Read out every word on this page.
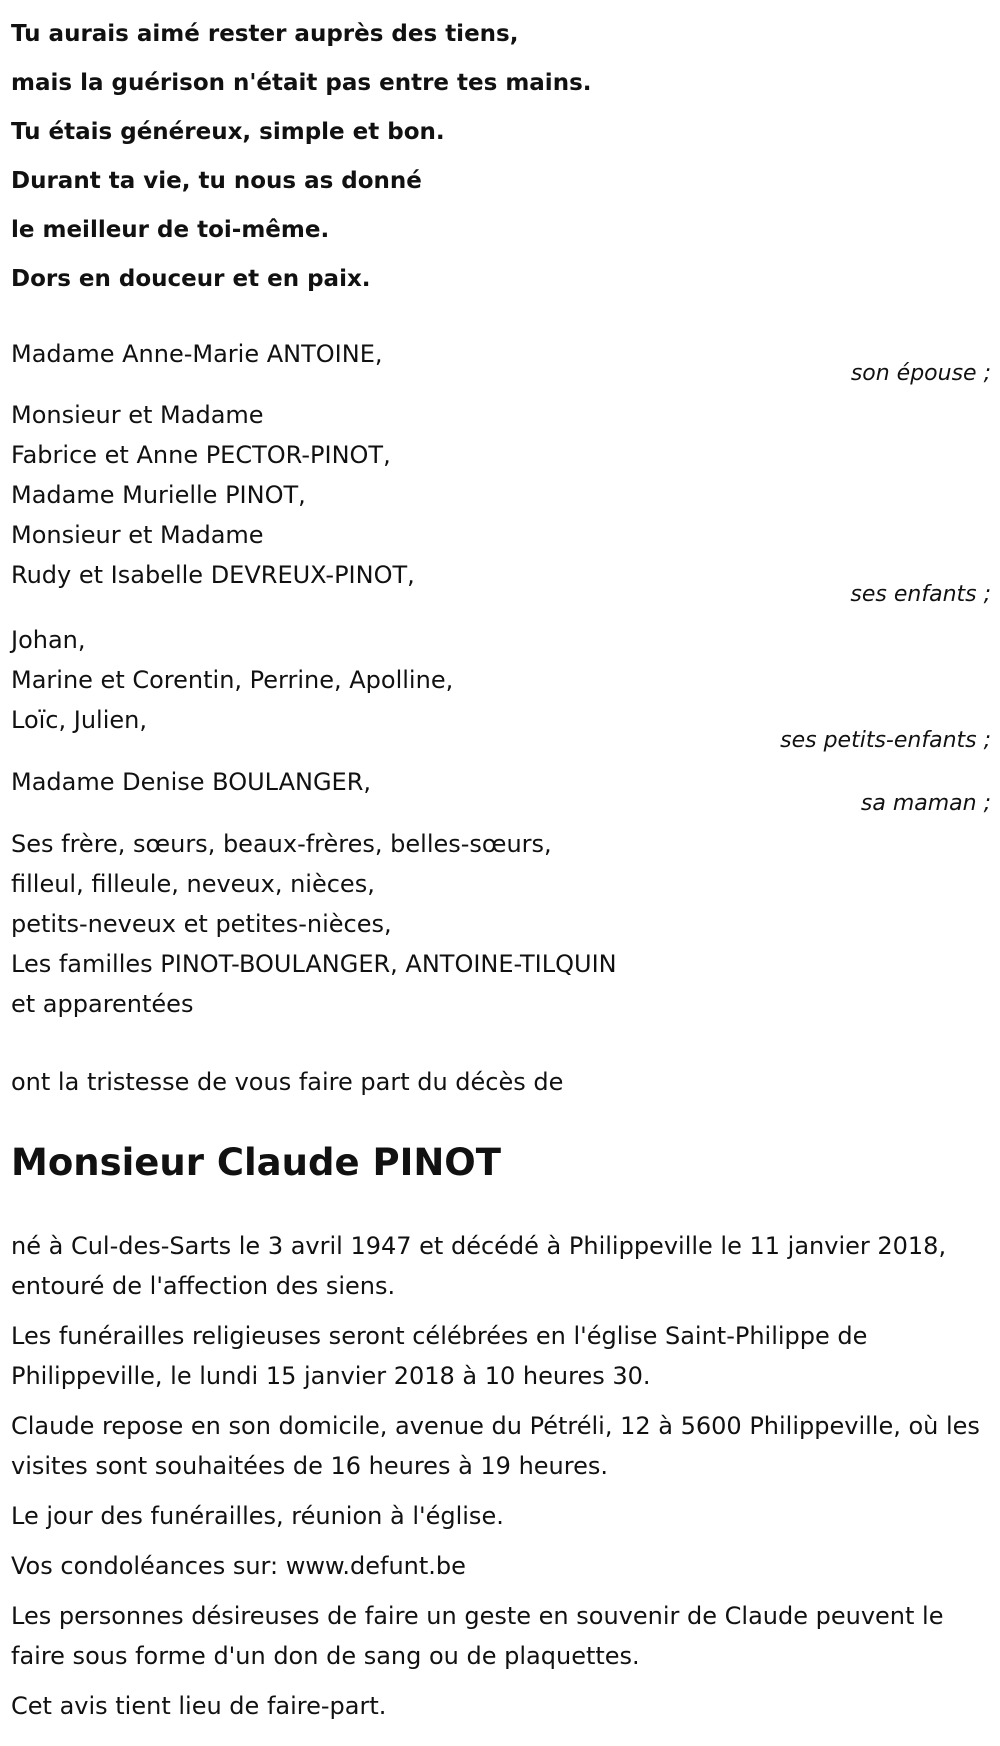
Tu aurais aimé rester auprès des tiens,
mais la guérison n'était pas entre tes mains.
Tu étais généreux, simple et bon.
Durant ta vie, tu nous as donné
le meilleur de toi-même.
Dors en douceur et en paix.
Madame Anne-Marie ANTOINE,
son épouse ;
Monsieur et Madame
Fabrice et Anne PECTOR-PINOT,
Madame Murielle PINOT,
Monsieur et Madame
Rudy et Isabelle DEVREUX-PINOT,
ses enfants ;
Johan,
Marine et Corentin, Perrine, Apolline,
Loïc, Julien,
ses petits-enfants ;
Madame Denise BOULANGER,
sa maman ;
Ses frère, sœurs, beaux-frères, belles-sœurs,
filleul, filleule, neveux, nièces,
petits-neveux et petites-nièces,
Les familles PINOT-BOULANGER, ANTOINE-TILQUIN
et apparentées
ont la tristesse de vous faire part du décès de
Monsieur Claude PINOT

né à Cul-des-Sarts le 3 avril 1947 et décédé à Philippeville le 11 janvier 2018, entouré de l'affection des siens.

Les funérailles religieuses seront célébrées en l'église Saint-Philippe de Philippeville, le lundi 15 janvier 2018 à 10 heures 30.

Claude repose en son domicile, avenue du Pétréli, 12 à 5600 Philippeville, où les visites sont souhaitées de 16 heures à 19 heures.

Le jour des funérailles, réunion à l'église.

Vos condoléances sur: www.defunt.be

Les personnes désireuses de faire un geste en souvenir de Claude peuvent le faire sous forme d'un don de sang ou de plaquettes.

Cet avis tient lieu de faire-part.
